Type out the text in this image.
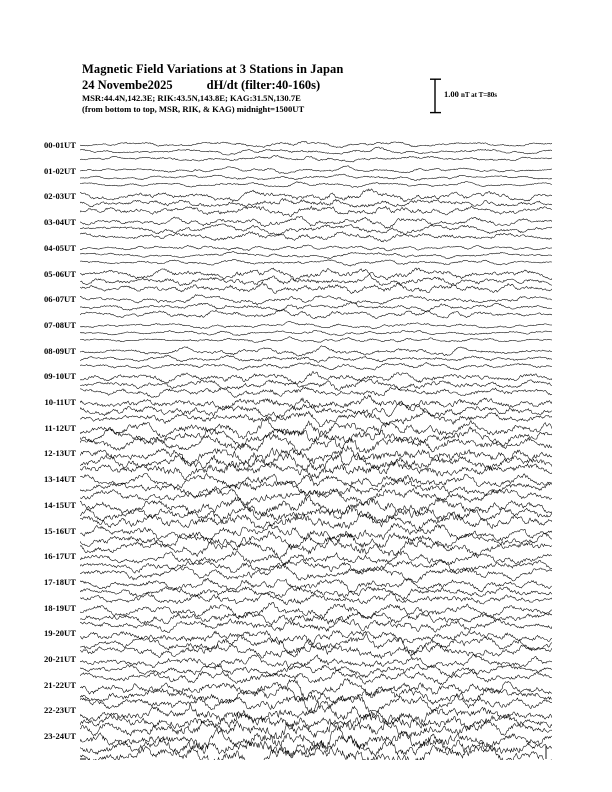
Magnetic Field Variations at 3 Stations in Japan
24 Novembe2025	dH/dt (filter:40-160s)
MSR:44.4N,142.3E; RIK:43.5N,143.8E; KAG:31.5N,130.7E
(from bottom to top, MSR, RIK, & KAG) midnight=1500UT
1.00 nT at T=80s
00-01UT
01-02UT
02-03UT
03-04UT
04-05UT
05-06UT
06-07UT
07-08UT
08-09UT
09-10UT
10-11UT
11-12UT
12-13UT
13-14UT
14-15UT
15-16UT
16-17UT
17-18UT
18-19UT
19-20UT
20-21UT
21-22UT
22-23UT
23-24UT
